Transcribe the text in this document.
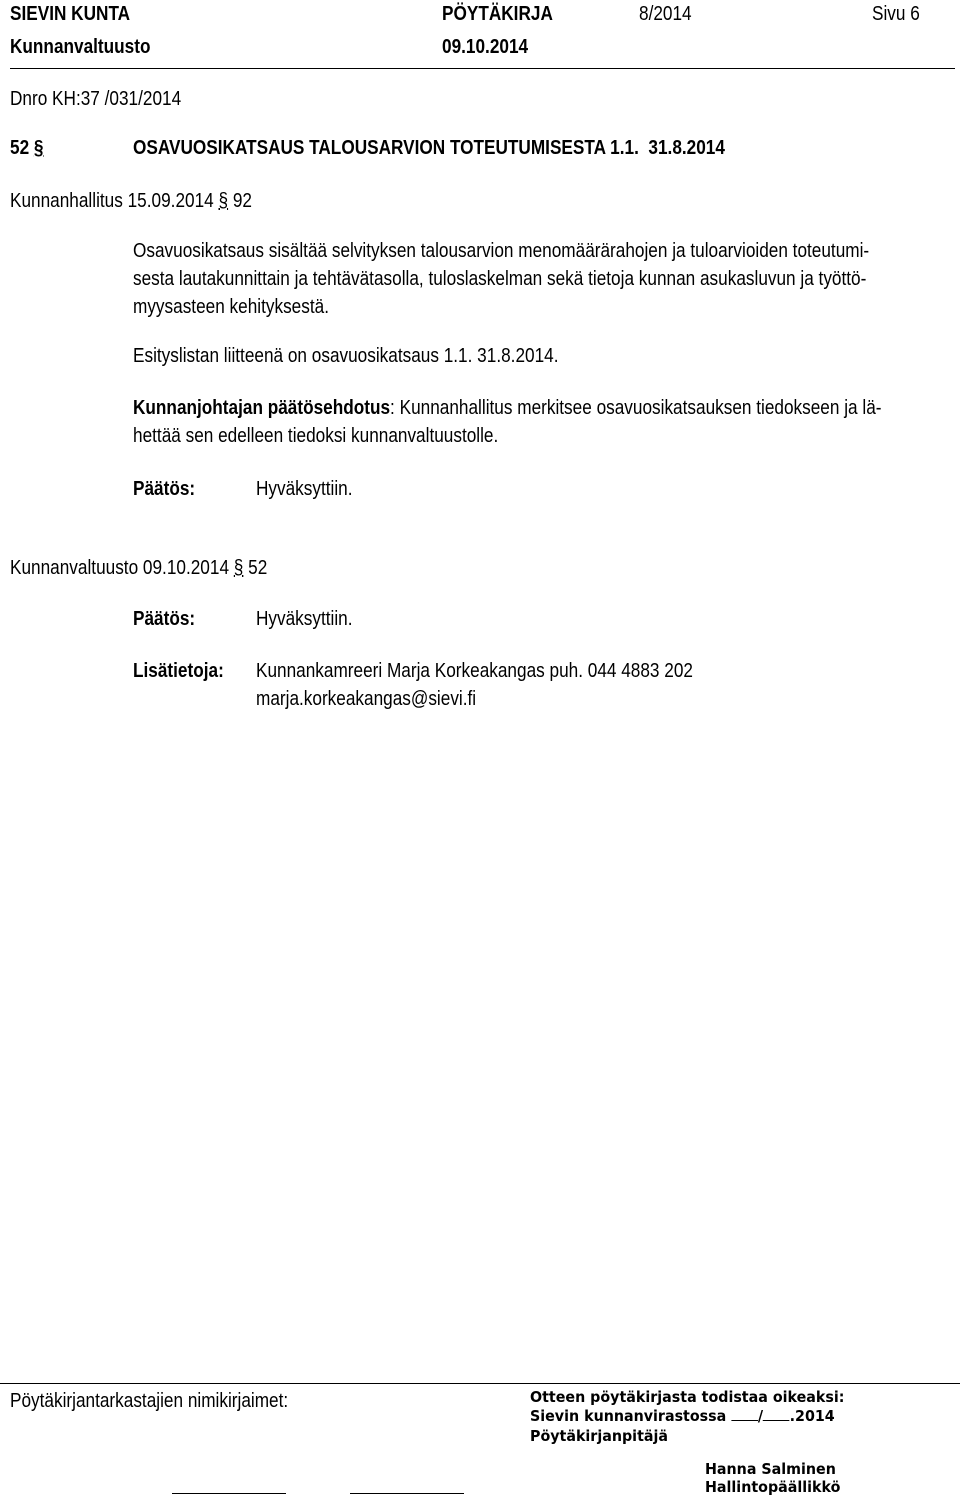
SIEVIN KUNTA	PÖYTÄKIRJA	8/2014	Sivu 6
Kunnanvaltuusto	09.10.2014
Dnro KH:37 /031/2014
52 §	OSAVUOSIKATSAUS TALOUSARVION TOTEUTUMISESTA 1.1.  31.8.2014
Kunnanhallitus 15.09.2014 § 92
Osavuosikatsaus sisältää selvityksen talousarvion menomäärärahojen ja tuloarvioiden toteutumi-
sesta lautakunnittain ja tehtävätasolla, tuloslaskelman sekä tietoja kunnan asukasluvun ja työttö-
myysasteen kehityksestä.
Esityslistan liitteenä on osavuosikatsaus 1.1. 31.8.2014.
Kunnanjohtajan päätösehdotus: Kunnanhallitus merkitsee osavuosikatsauksen tiedokseen ja lä-
hettää sen edelleen tiedoksi kunnanvaltuustolle.
Päätös:	Hyväksyttiin.
Kunnanvaltuusto 09.10.2014 § 52
Päätös:	Hyväksyttiin.
Lisätietoja: Kunnankamreeri Marja Korkeakangas puh. 044 4883 202
marja.korkeakangas@sievi.fi
Pöytäkirjantarkastajien nimikirjaimet:	Otteen pöytäkirjasta todistaa oikeaksi:
Sievin kunnanvirastossa / .2014
Pöytäkirjanpitäjä
Hanna Salminen
Hallintopäällikkö
